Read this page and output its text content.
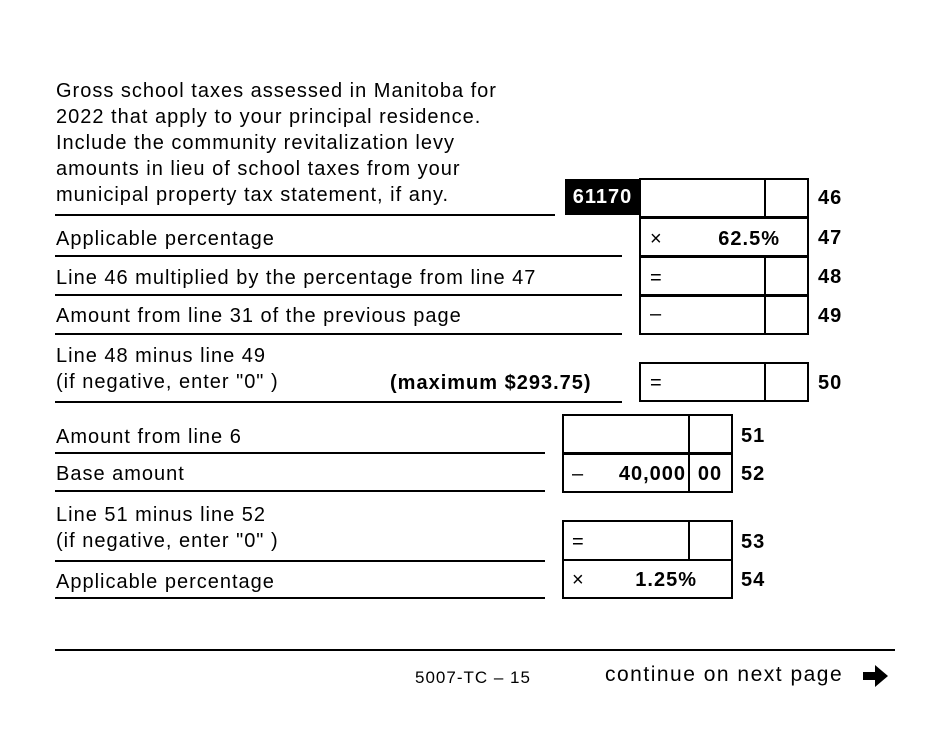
Gross school taxes assessed in Manitoba for
2022 that apply to your principal residence.
Include the community revitalization levy
amounts in lieu of school taxes from your
municipal property tax statement, if any.	61170	46
Applicable percentage	×	62.5% 47
Line 46 multiplied by the percentage from line 47	=	48
Amount from line 31 of the previous page	–	49
Line 48 minus line 49
(if negative, enter "0" )	(maximum $293.75)	=	50
Amount from line 6	51
Base amount	–	40,000 00 52
Line 51 minus line 52
(if negative, enter "0" )	=	53
Applicable percentage	×	1.25% 54
5007-TC – 15	continue on next page
